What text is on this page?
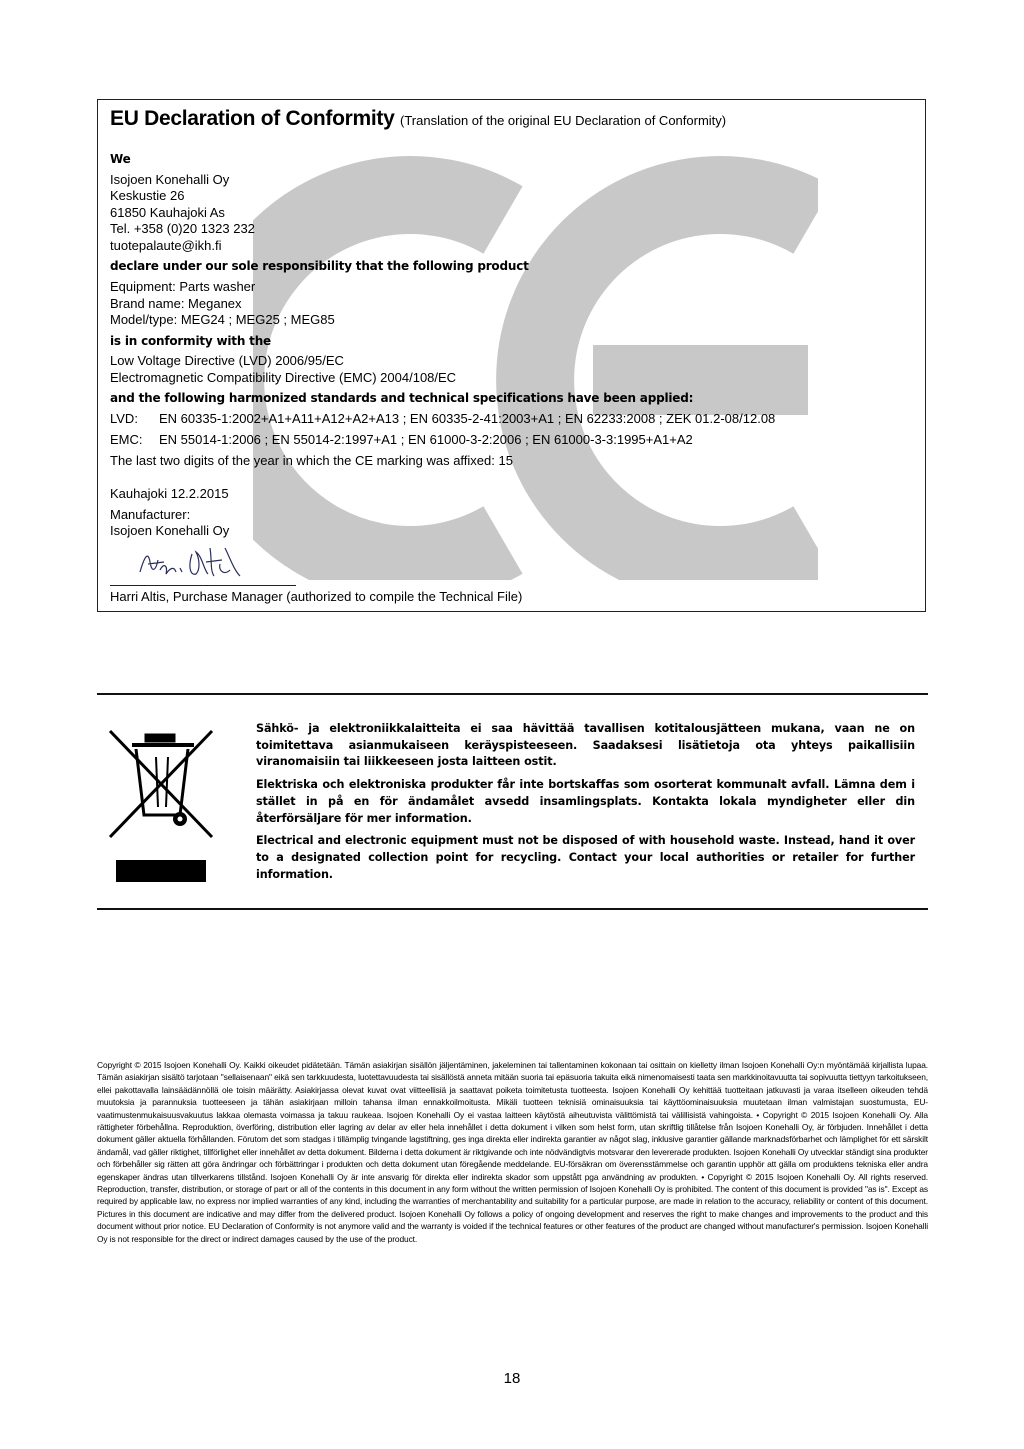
EU Declaration of Conformity (Translation of the original EU Declaration of Conformity)
We
Isojoen Konehalli Oy
Keskustie 26
61850 Kauhajoki As
Tel. +358 (0)20 1323 232
tuotepalaute@ikh.fi
declare under our sole responsibility that the following product
Equipment: Parts washer
Brand name: Meganex
Model/type: MEG24 ; MEG25 ; MEG85
is in conformity with the
Low Voltage Directive (LVD) 2006/95/EC
Electromagnetic Compatibility Directive (EMC) 2004/108/EC
and the following harmonized standards and technical specifications have been applied:
LVD: EN 60335-1:2002+A1+A11+A12+A2+A13 ; EN 60335-2-41:2003+A1 ; EN 62233:2008 ; ZEK 01.2-08/12.08
EMC: EN 55014-1:2006 ; EN 55014-2:1997+A1 ; EN 61000-3-2:2006 ; EN 61000-3-3:1995+A1+A2
The last two digits of the year in which the CE marking was affixed: 15
Kauhajoki 12.2.2015
Manufacturer:
Isojoen Konehalli Oy
Harri Altis, Purchase Manager (authorized to compile the Technical File)

Sähkö- ja elektroniikkalaitteita ei saa hävittää tavallisen kotitalousjätteen mukana, vaan ne on toimitettava asianmukaiseen keräyspisteeseen. Saadaksesi lisätietoja ota yhteys paikallisiin viranomaisiin tai liikkeeseen josta laitteen ostit.

Elektriska och elektroniska produkter får inte bortskaffas som osorterat kommunalt avfall. Lämna dem i stället in på en för ändamålet avsedd insamlingsplats. Kontakta lokala myndigheter eller din återförsäljare för mer information.

Electrical and electronic equipment must not be disposed of with household waste. Instead, hand it over to a designated collection point for recycling. Contact your local authorities or retailer for further information.

Copyright © 2015 Isojoen Konehalli Oy. Kaikki oikeudet pidätetään. Tämän asiakirjan sisällön jäljentäminen, jakeleminen tai tallentaminen kokonaan tai osittain on kielletty ilman Isojoen Konehalli Oy:n myöntämää kirjallista lupaa. Tämän asiakirjan sisältö tarjotaan "sellaisenaan" eikä sen tarkkuudesta, luotettavuudesta tai sisällöstä anneta mitään suoria tai epäsuoria takuita eikä nimenomaisesti taata sen markkinoitavuutta tai sopivuutta tiettyyn tarkoitukseen, ellei pakottavalla lainsäädännöllä ole toisin määrätty. Asiakirjassa olevat kuvat ovat viitteellisiä ja saattavat poiketa toimitetusta tuotteesta. Isojoen Konehalli Oy kehittää tuotteitaan jatkuvasti ja varaa itselleen oikeuden tehdä muutoksia ja parannuksia tuotteeseen ja tähän asiakirjaan milloin tahansa ilman ennakkoilmoitusta. Mikäli tuotteen teknisiä ominaisuuksia tai käyttöominaisuuksia muutetaan ilman valmistajan suostumusta, EU-vaatimustenmukaisuusvakuutus lakkaa olemasta voimassa ja takuu raukeaa. Isojoen Konehalli Oy ei vastaa laitteen käytöstä aiheutuvista välittömistä tai välillisistä vahingoista. • Copyright © 2015 Isojoen Konehalli Oy. Alla rättigheter förbehållna. Reproduktion, överföring, distribution eller lagring av delar av eller hela innehållet i detta dokument i vilken som helst form, utan skriftlig tillåtelse från Isojoen Konehalli Oy, är förbjuden. Innehållet i detta dokument gäller aktuella förhållanden. Förutom det som stadgas i tillämplig tvingande lagstiftning, ges inga direkta eller indirekta garantier av något slag, inklusive garantier gällande marknadsförbarhet och lämplighet för ett särskilt ändamål, vad gäller riktighet, tillförlighet eller innehållet av detta dokument. Bilderna i detta dokument är riktgivande och inte nödvändigtvis motsvarar den levererade produkten. Isojoen Konehalli Oy utvecklar ständigt sina produkter och förbehåller sig rätten att göra ändringar och förbättringar i produkten och detta dokument utan föregående meddelande. EU-försäkran om överensstämmelse och garantin upphör att gälla om produktens tekniska eller andra egenskaper ändras utan tillverkarens tillstånd. Isojoen Konehalli Oy är inte ansvarig för direkta eller indirekta skador som uppstått pga användning av produkten. • Copyright © 2015 Isojoen Konehalli Oy. All rights reserved. Reproduction, transfer, distribution, or storage of part or all of the contents in this document in any form without the written permission of Isojoen Konehalli Oy is prohibited. The content of this document is provided "as is". Except as required by applicable law, no express nor implied warranties of any kind, including the warranties of merchantability and suitability for a particular purpose, are made in relation to the accuracy, reliability or content of this document. Pictures in this document are indicative and may differ from the delivered product. Isojoen Konehalli Oy follows a policy of ongoing development and reserves the right to make changes and improvements to the product and this document without prior notice. EU Declaration of Conformity is not anymore valid and the warranty is voided if the technical features or other features of the product are changed without manufacturer's permission. Isojoen Konehalli Oy is not responsible for the direct or indirect damages caused by the use of the product.
18
